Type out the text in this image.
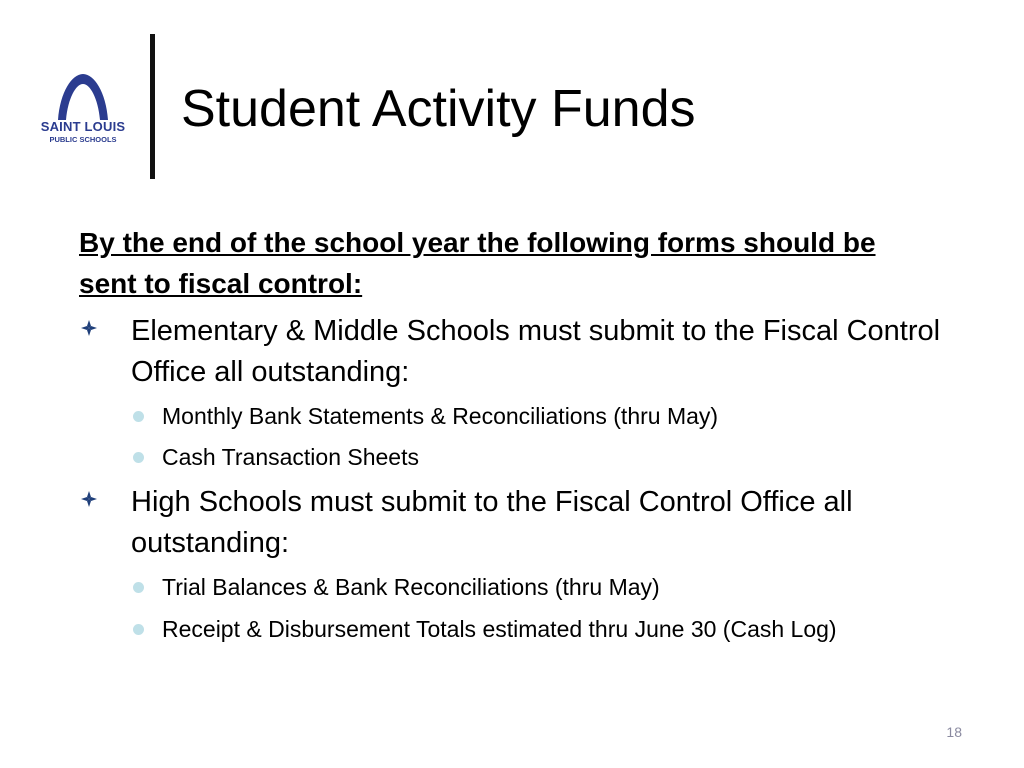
SAINT LOUIS
PUBLIC SCHOOLS
Student Activity Funds
By the end of the school year the following forms should be sent to fiscal control:
Elementary & Middle Schools must submit to the Fiscal Control Office all outstanding:
Monthly Bank Statements & Reconciliations (thru May)
Cash Transaction Sheets
High Schools must submit to the Fiscal Control Office all outstanding:
Trial Balances & Bank Reconciliations (thru May)
Receipt & Disbursement Totals estimated thru June 30 (Cash Log)
18
